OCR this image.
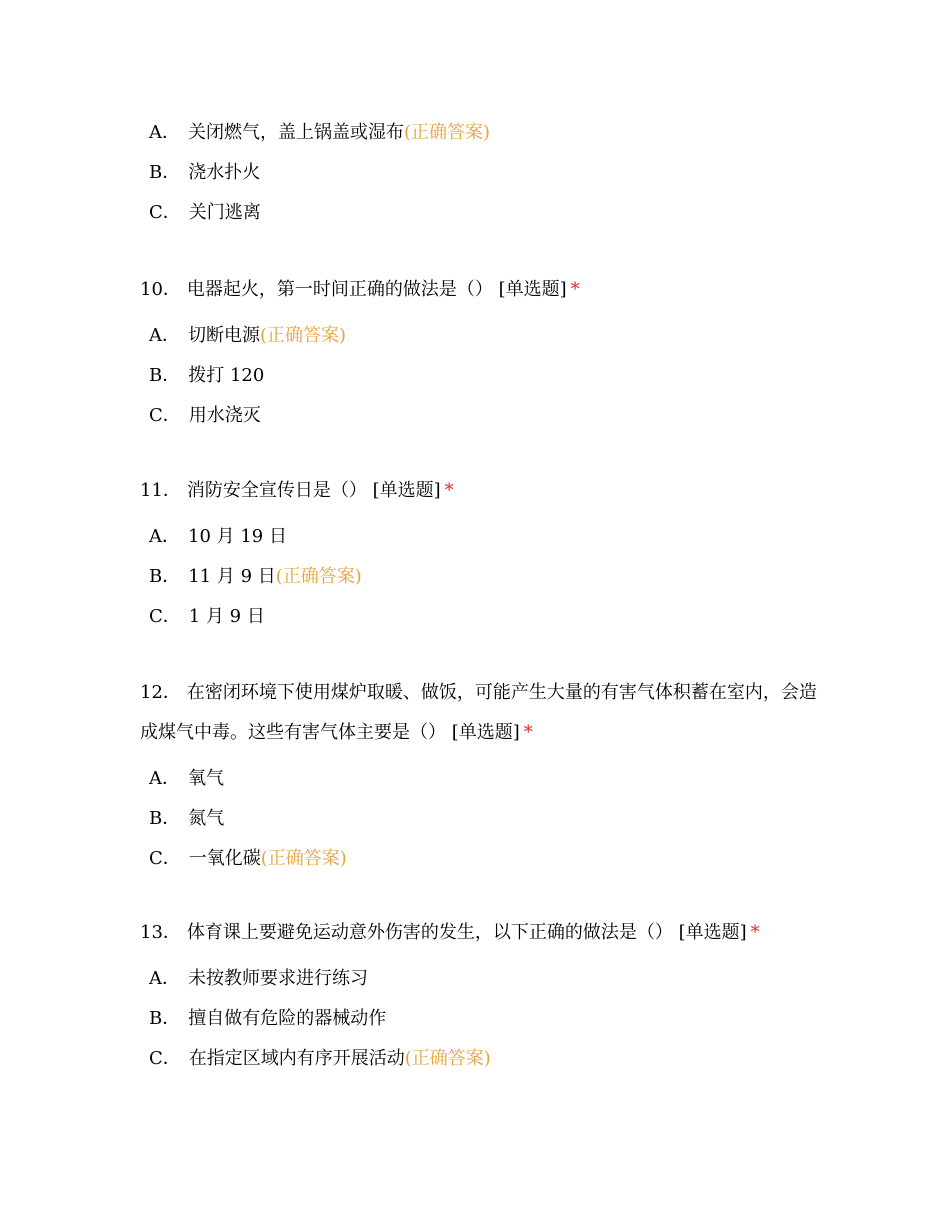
A． 关闭燃气，盖上锅盖或湿布(正确答案)
B． 浇水扑火
C． 关门逃离

10． 电器起火，第一时间正确的做法是（） [单选题] *

A． 切断电源(正确答案)
B． 拨打 120
C． 用水浇灭

11． 消防安全宣传日是（） [单选题] *

A． 10 月 19 日
B． 11 月 9 日(正确答案)
C． 1 月 9 日

12． 在密闭环境下使用煤炉取暖、做饭，可能产生大量的有害气体积蓄在室内，会造成煤气中毒。这些有害气体主要是（） [单选题] *

A． 氧气
B． 氮气
C． 一氧化碳(正确答案)

13． 体育课上要避免运动意外伤害的发生，以下正确的做法是（） [单选题] *

A． 未按教师要求进行练习
B． 擅自做有危险的器械动作
C． 在指定区域内有序开展活动(正确答案)
